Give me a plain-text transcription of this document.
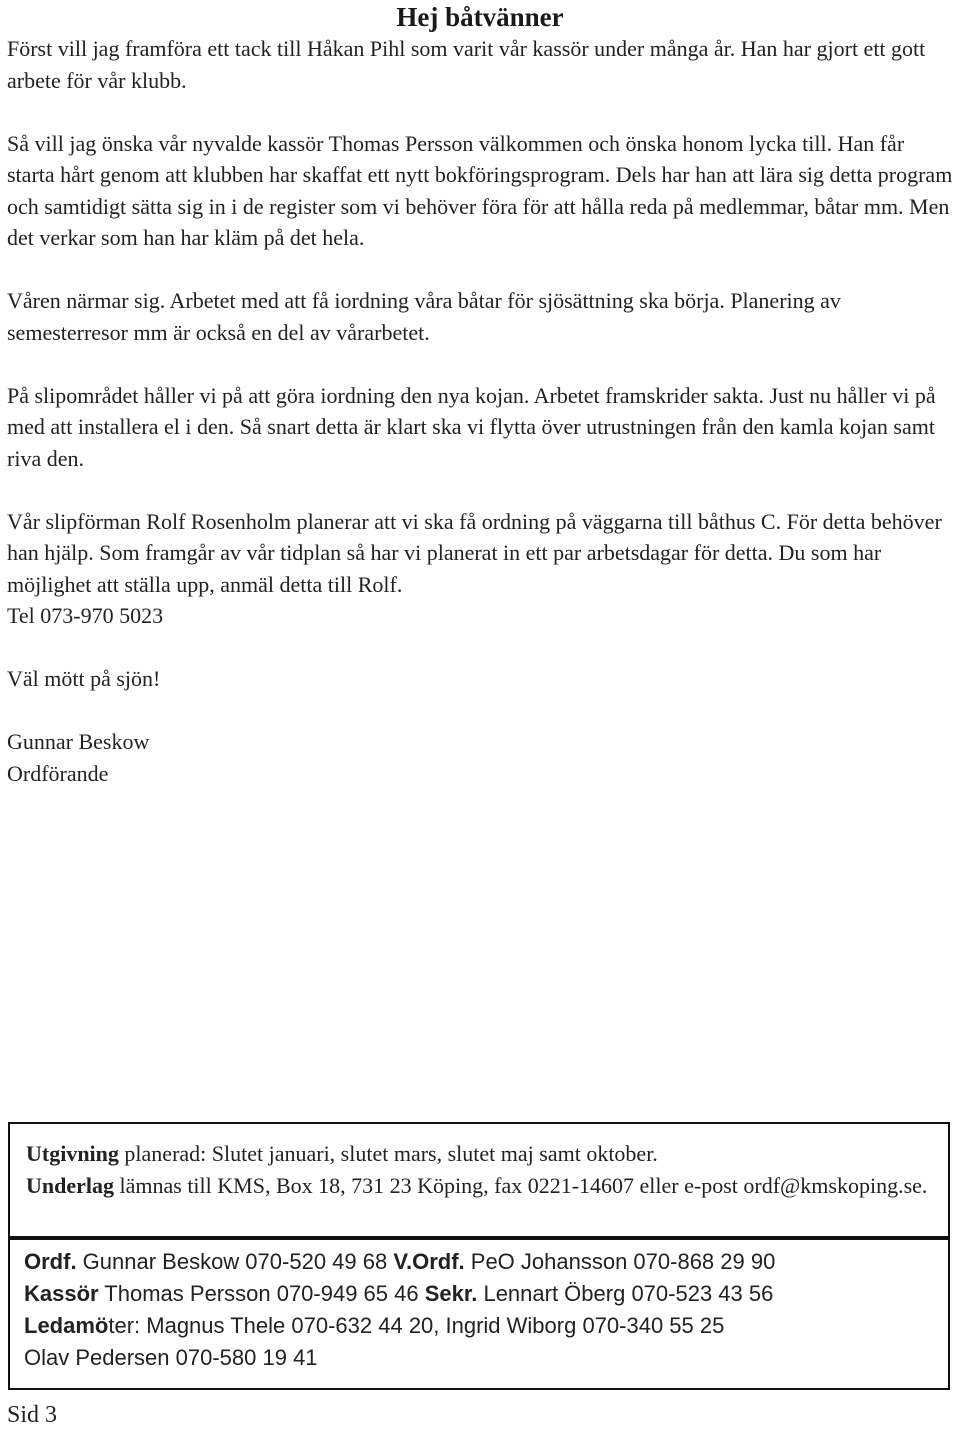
Hej båtvänner

Först vill jag framföra ett tack till Håkan Pihl som varit vår kassör under många år. Han har gjort ett gott arbete för vår klubb.

Så vill jag önska vår nyvalde kassör Thomas Persson välkommen och önska honom lycka till. Han får starta hårt genom att klubben har skaffat ett nytt bokföringsprogram. Dels har han att lära sig detta program och samtidigt sätta sig in i de register som vi behöver föra för att hålla reda på medlemmar, båtar mm. Men det verkar som han har kläm på det hela.

Våren närmar sig. Arbetet med att få iordning våra båtar för sjösättning ska börja. Planering av semesterresor mm är också en del av vårarbetet.

På slipområdet håller vi på att göra iordning den nya kojan. Arbetet framskrider sakta. Just nu håller vi på med att installera el i den. Så snart detta är klart ska vi flytta över utrustningen från den kamla kojan samt riva den.

Vår slipförman Rolf Rosenholm planerar att vi ska få ordning på väggarna till båthus C. För detta behöver han hjälp. Som framgår av vår tidplan så har vi planerat in ett par arbetsdagar för detta. Du som har möjlighet att ställa upp, anmäl detta till Rolf.

Tel 073-970 5023

Väl mött på sjön!

Gunnar Beskow
Ordförande
Utgivning planerad: Slutet januari, slutet mars, slutet maj samt oktober.
Underlag lämnas till KMS, Box 18, 731 23 Köping, fax 0221-14607 eller e-post ordf@kmskoping.se.
Ordf. Gunnar Beskow 070-520 49 68 V.Ordf. PeO Johansson 070-868 29 90
Kassör Thomas Persson 070-949 65 46 Sekr. Lennart Öberg 070-523 43 56
Ledamöter: Magnus Thele 070-632 44 20, Ingrid Wiborg 070-340 55 25
Olav Pedersen 070-580 19 41
Sid 3
